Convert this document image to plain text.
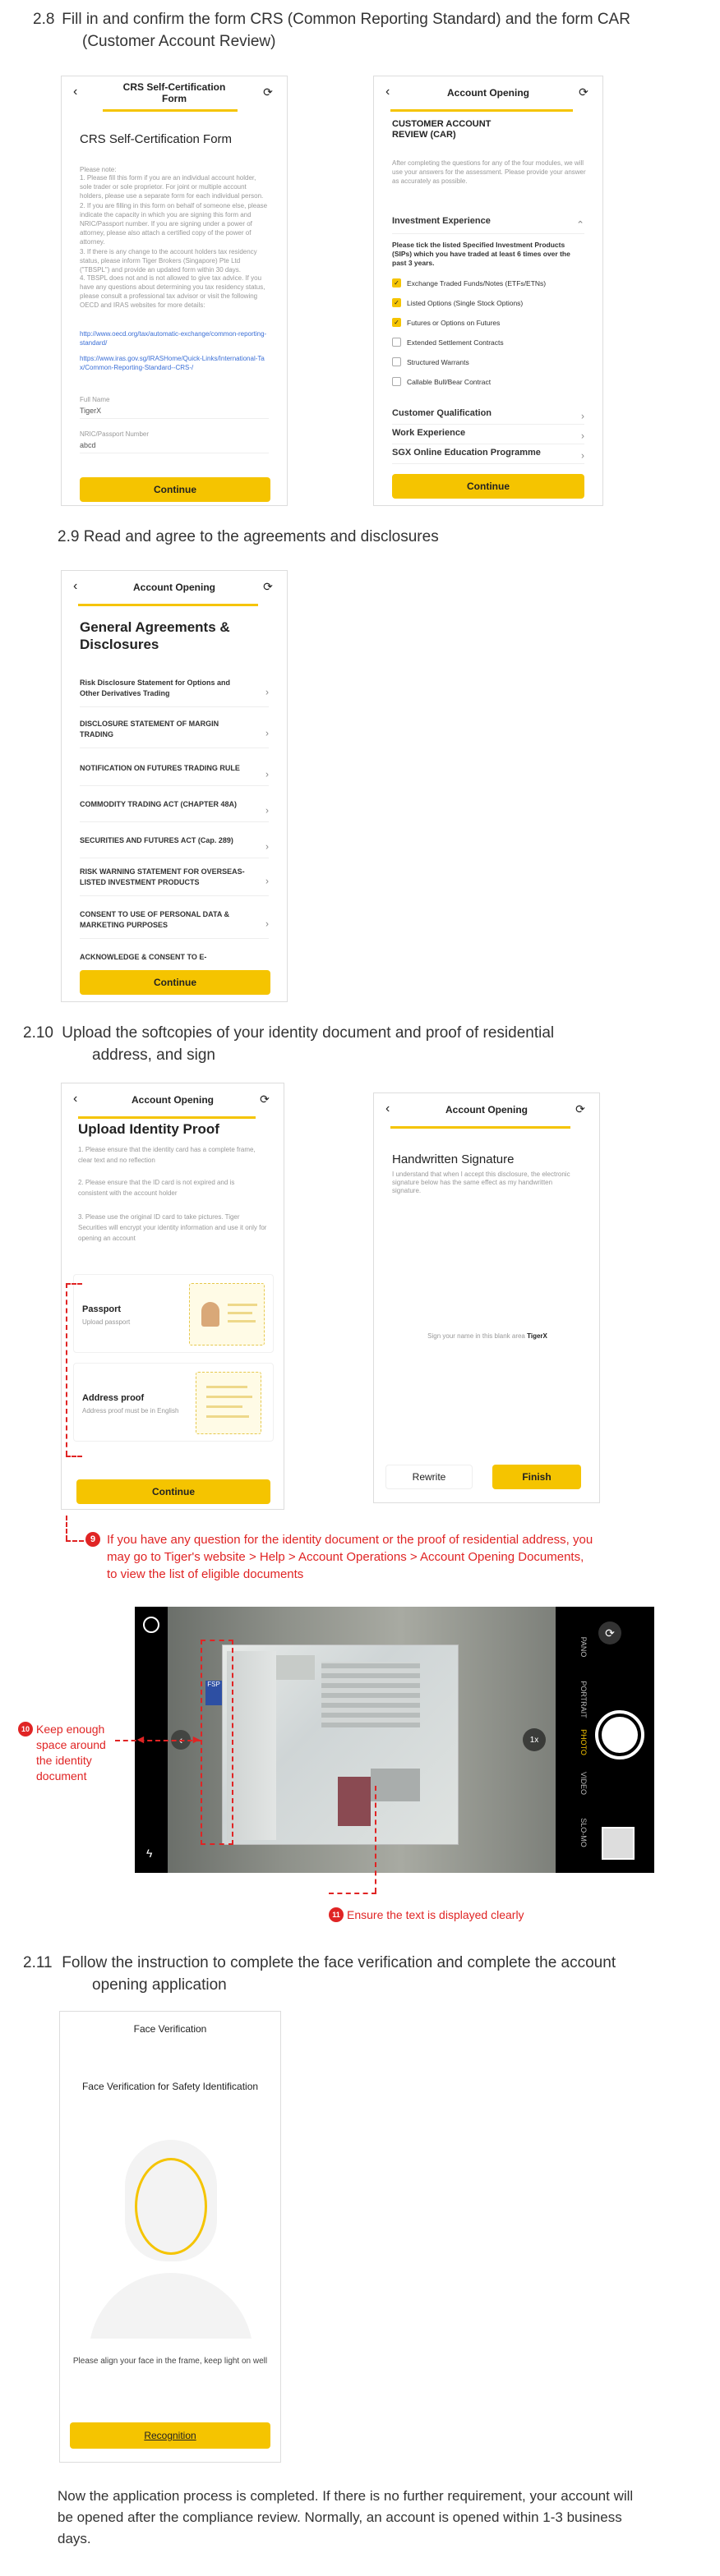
2.8 Fill in and confirm the form CRS (Common Reporting Standard) and the form CAR (Customer Account Review)
‹	CRS Self-Certification Form	⟳
CRS Self-Certification Form
Please note:
1. Please fill this form if you are an individual account holder, sole trader or sole proprietor. For joint or multiple account holders, please use a separate form for each individual person.
2. If you are filling in this form on behalf of someone else, please indicate the capacity in which you are signing this form and NRIC/Passport number. If you are signing under a power of attorney, please also attach a certified copy of the power of attorney.
3. If there is any change to the account holders tax residency status, please inform Tiger Brokers (Singapore) Pte Ltd ("TBSPL") and provide an updated form within 30 days.
4. TBSPL does not and is not allowed to give tax advice. If you have any questions about determining you tax residency status, please consult a professional tax advisor or visit the following OECD and IRAS websites for more details:
http://www.oecd.org/tax/automatic-exchange/common-reporting-standard/
https://www.iras.gov.sg/IRASHome/Quick-Links/International-Tax/Common-Reporting-Standard--CRS-/
Full Name
TigerX
NRIC/Passport Number
abcd
Continue
‹	Account Opening	⟳
CUSTOMER ACCOUNT REVIEW (CAR)
After completing the questions for any of the four modules, we will use your answers for the assessment. Please provide your answer as accurately as possible.
Investment Experience	⌃
Please tick the listed Specified Investment Products (SIPs) which you have traded at least 6 times over the past 3 years.
✓ Exchange Traded Funds/Notes (ETFs/ETNs)
✓ Listed Options (Single Stock Options)
✓ Futures or Options on Futures
Extended Settlement Contracts
Structured Warrants
Callable Bull/Bear Contract
Customer Qualification	›
Work Experience	›
SGX Online Education Programme	›
Continue
2.9 Read and agree to the agreements and disclosures
‹	Account Opening	⟳
General Agreements & Disclosures
Risk Disclosure Statement for Options and Other Derivatives Trading	›
DISCLOSURE STATEMENT OF MARGIN TRADING	›
NOTIFICATION ON FUTURES TRADING RULE	›
COMMODITY TRADING ACT (CHAPTER 48A)	›
SECURITIES AND FUTURES ACT (Cap. 289)	›
RISK WARNING STATEMENT FOR OVERSEAS-LISTED INVESTMENT PRODUCTS	›
CONSENT TO USE OF PERSONAL DATA & MARKETING PURPOSES	›
ACKNOWLEDGE & CONSENT TO E-
Continue
2.10 Upload the softcopies of your identity document and proof of residential address, and sign
‹	Account Opening	⟳
Upload Identity Proof
1. Please ensure that the identity card has a complete frame, clear text and no reflection
2. Please ensure that the ID card is not expired and is consistent with the account holder
3. Please use the original ID card to take pictures. Tiger Securities will encrypt your identity information and use it only for opening an account
Passport
Upload passport
Address proof
Address proof must be in English
Continue
‹	Account Opening	⟳
Handwritten Signature
I understand that when I accept this disclosure, the electronic signature below has the same effect as my handwritten signature.
Sign your name in this blank area TigerX
Rewrite	Finish
9 If you have any question for the identity document or the proof of residential address, you may go to Tiger's website > Help > Account Operations > Account Opening Documents, to view the list of eligible documents
ϟ
FSP
1x
‹
⟳
PANO
PORTRAIT
PHOTO
VIDEO
SLO-MO
10 Keep enough space around the identity document
◄	►
11 Ensure the text is displayed clearly
2.11 Follow the instruction to complete the face verification and complete the account opening application
Face Verification
Face Verification for Safety Identification
Please align your face in the frame, keep light on well
Recognition
Now the application process is completed. If there is no further requirement, your account will be opened after the compliance review. Normally, an account is opened within 1-3 business days.
